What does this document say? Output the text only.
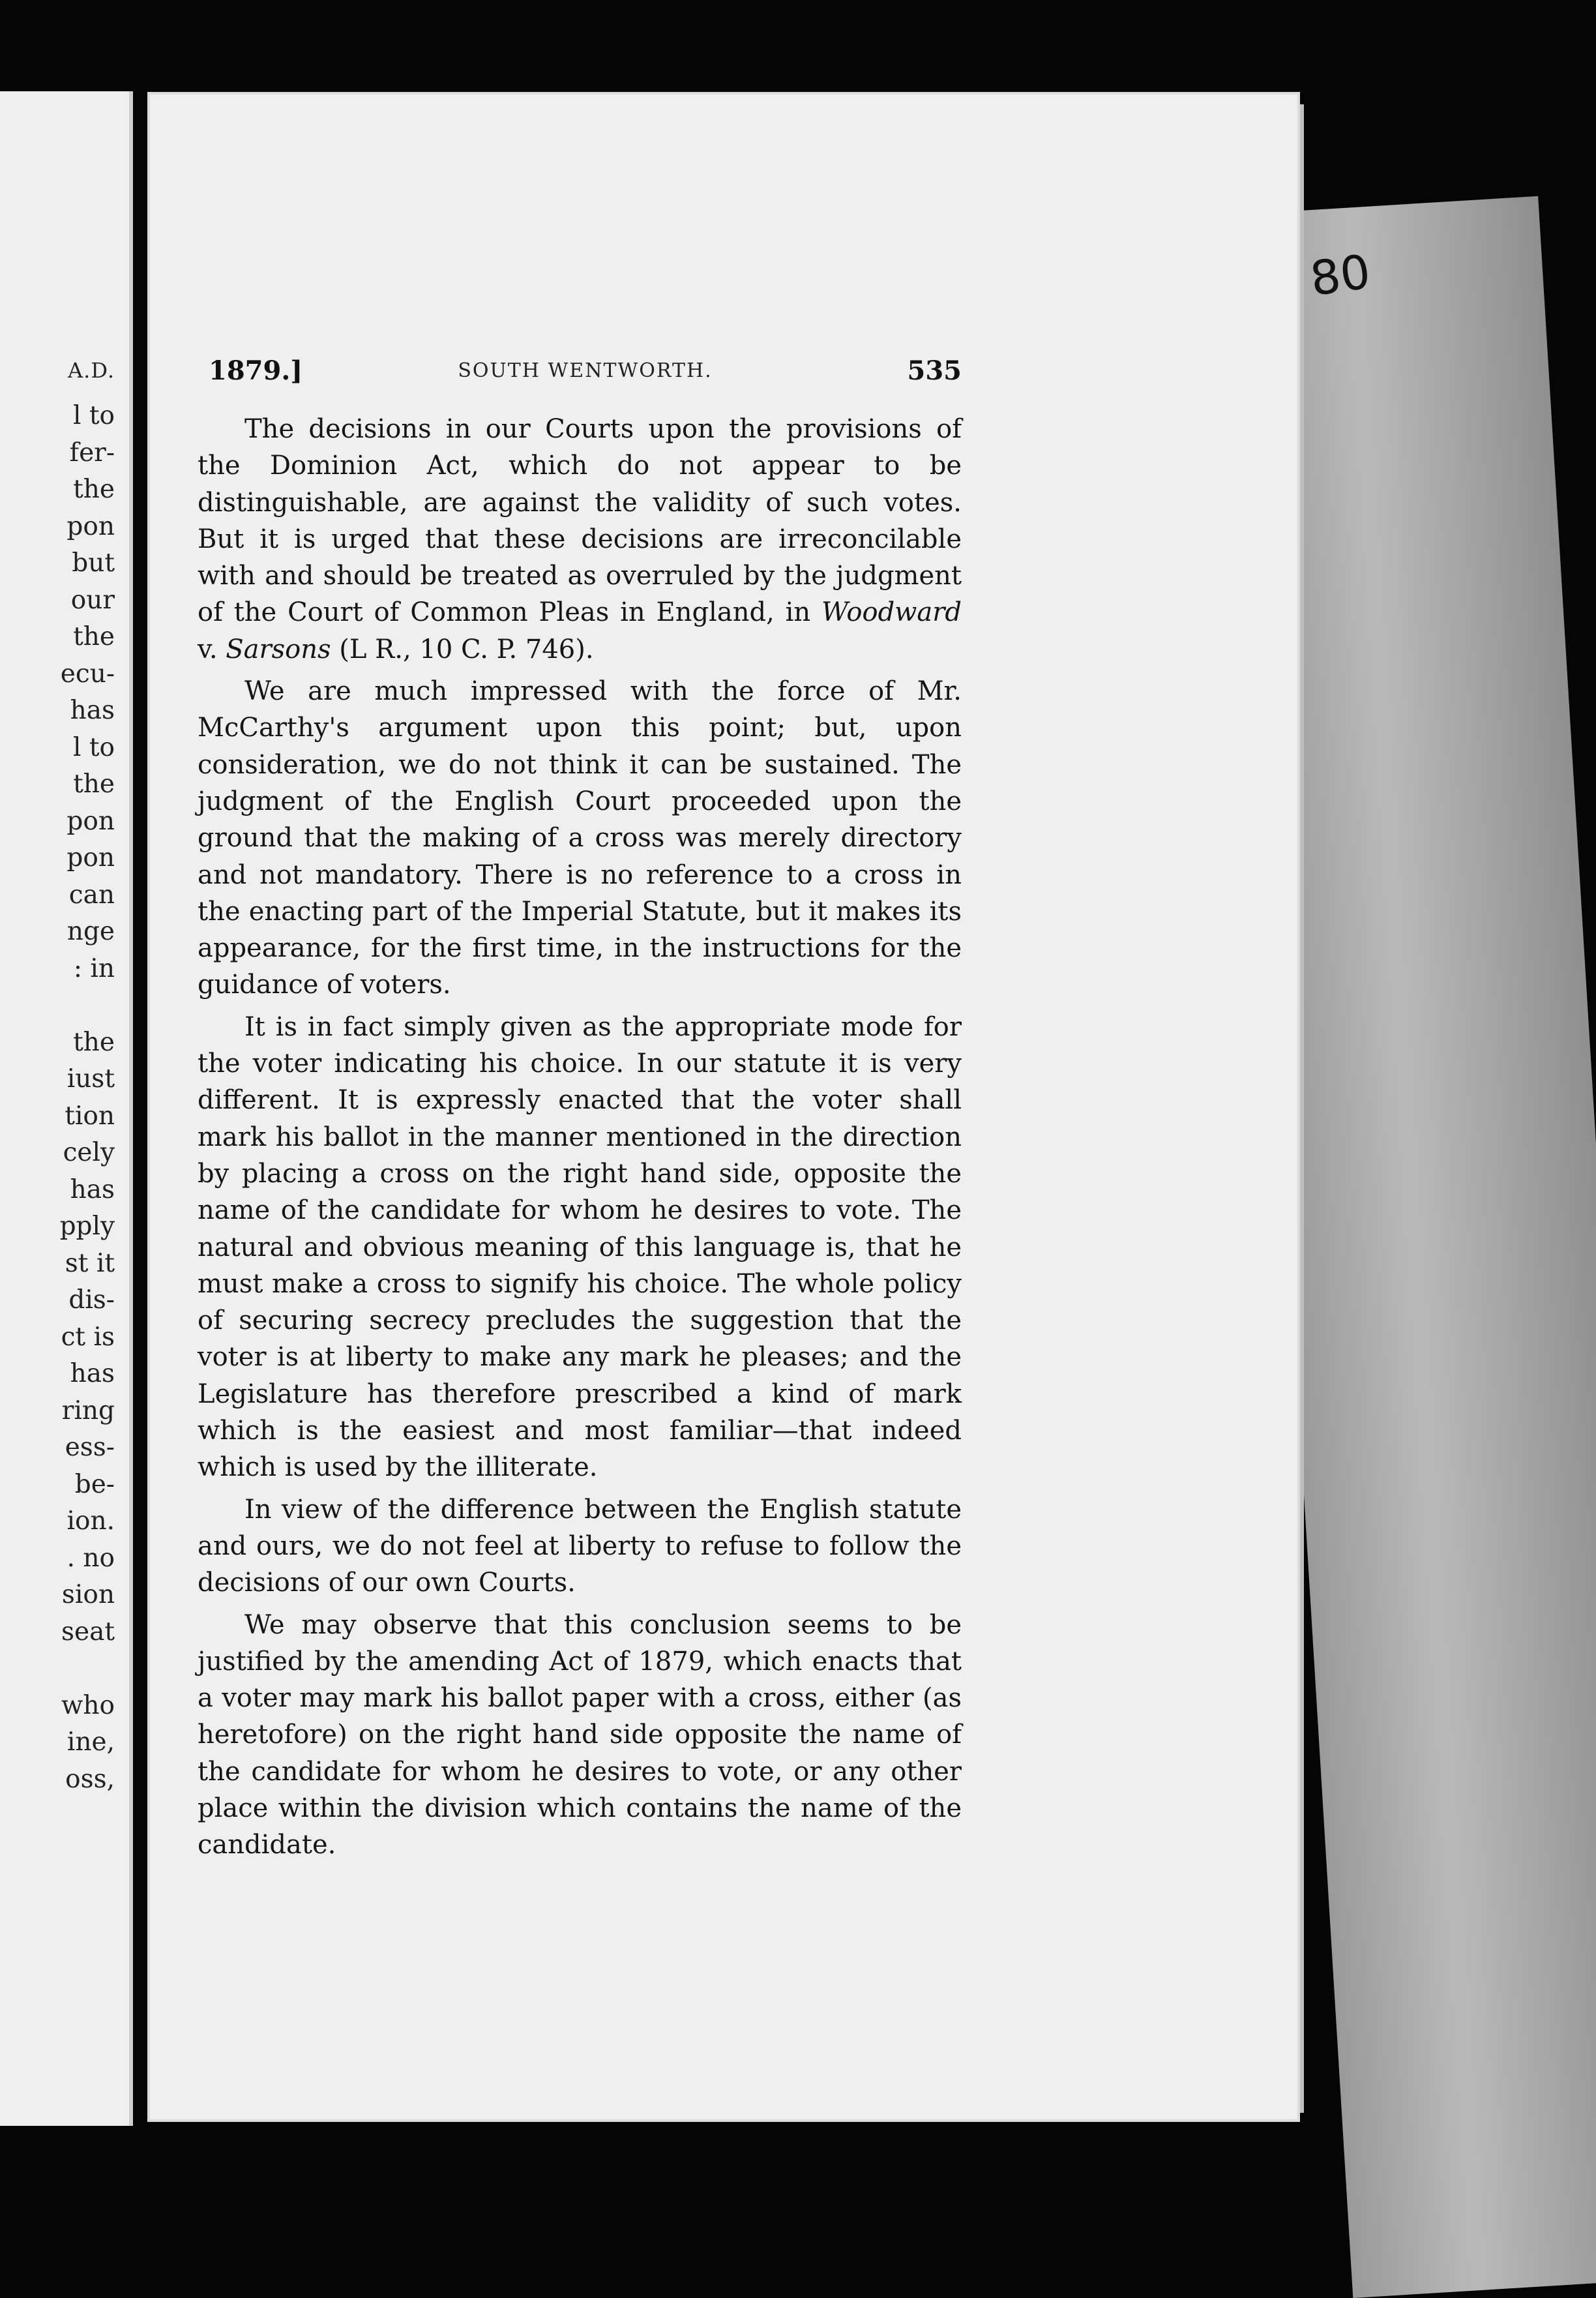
A.D.
l to
fer-
the
pon
but
our
the
ecu-
has
l to
the
pon
pon
can
nge
: in
the
iust
tion
cely
has
pply
st it
dis-
ct is
has
ring
ess-
be-
ion.
. no
sion
seat
who
ine,
oss,
80
1879.]	SOUTH WENTWORTH.	535

The decisions in our Courts upon the provisions of the Dominion Act, which do not appear to be distinguishable, are against the validity of such votes. But it is urged that these decisions are irreconcilable with and should be treated as overruled by the judgment of the Court of Common Pleas in England, in Woodward v. Sarsons (L R., 10 C. P. 746).

We are much impressed with the force of Mr. McCarthy's argument upon this point; but, upon consideration, we do not think it can be sustained. The judgment of the English Court proceeded upon the ground that the making of a cross was merely directory and not mandatory. There is no reference to a cross in the enacting part of the Imperial Statute, but it makes its appearance, for the first time, in the instructions for the guidance of voters.

It is in fact simply given as the appropriate mode for the voter indicating his choice. In our statute it is very different. It is expressly enacted that the voter shall mark his ballot in the manner mentioned in the direction by placing a cross on the right hand side, opposite the name of the candidate for whom he desires to vote. The natural and obvious meaning of this language is, that he must make a cross to signify his choice. The whole policy of securing secrecy precludes the suggestion that the voter is at liberty to make any mark he pleases; and the Legislature has therefore prescribed a kind of mark which is the easiest and most familiar—that indeed which is used by the illiterate.

In view of the difference between the English statute and ours, we do not feel at liberty to refuse to follow the decisions of our own Courts.

We may observe that this conclusion seems to be justified by the amending Act of 1879, which enacts that a voter may mark his ballot paper with a cross, either (as heretofore) on the right hand side opposite the name of the candidate for whom he desires to vote, or any other place within the division which contains the name of the candidate.
